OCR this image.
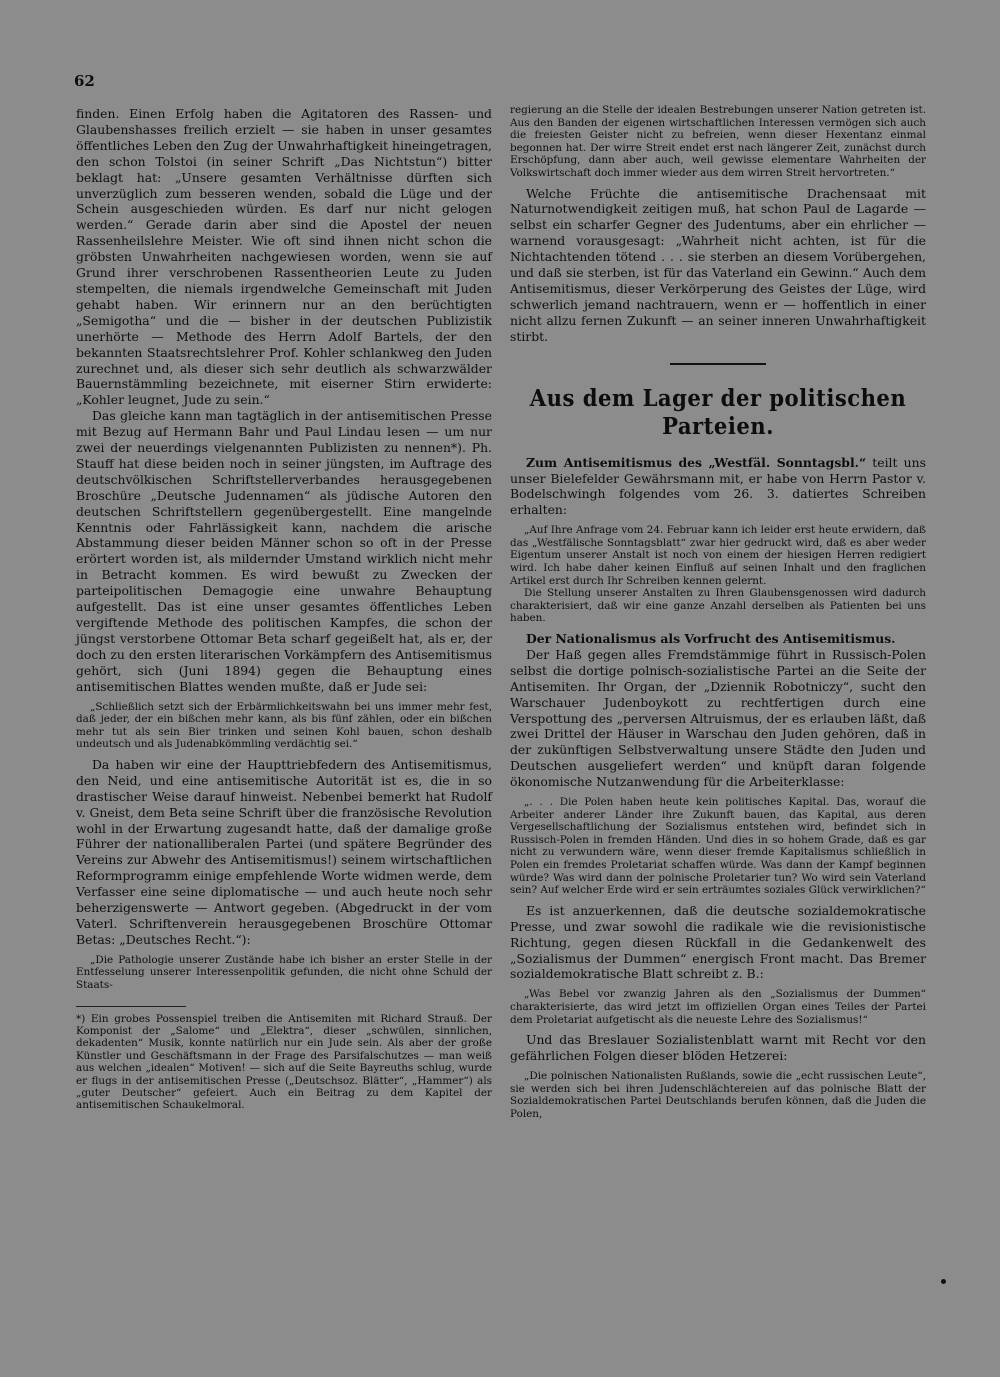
62

finden. Einen Erfolg haben die Agitatoren des Rassen- und Glaubenshasses freilich erzielt — sie haben in unser gesamtes öffentliches Leben den Zug der Unwahrhaftigkeit hineingetragen, den schon Tolstoi (in seiner Schrift „Das Nichtstun“) bitter beklagt hat: „Unsere gesamten Verhältnisse dürften sich unverzüglich zum besseren wenden, sobald die Lüge und der Schein ausgeschieden würden. Es darf nur nicht gelogen werden.“ Gerade darin aber sind die Apostel der neuen Rassenheilslehre Meister. Wie oft sind ihnen nicht schon die gröbsten Unwahrheiten nachgewiesen worden, wenn sie auf Grund ihrer verschrobenen Rassentheorien Leute zu Juden stempelten, die niemals irgendwelche Gemeinschaft mit Juden gehabt haben. Wir erinnern nur an den berüchtigten „Semigotha“ und die — bisher in der deutschen Publizistik unerhörte — Methode des Herrn Adolf Bartels, der den bekannten Staatsrechtslehrer Prof. Kohler schlankweg den Juden zurechnet und, als dieser sich sehr deutlich als schwarzwälder Bauernstämmling bezeichnete, mit eiserner Stirn erwiderte: „Kohler leugnet, Jude zu sein.“

Das gleiche kann man tagtäglich in der antisemitischen Presse mit Bezug auf Hermann Bahr und Paul Lindau lesen — um nur zwei der neuerdings vielgenannten Publizisten zu nennen*). Ph. Stauff hat diese beiden noch in seiner jüngsten, im Auftrage des deutschvölkischen Schriftstellerverbandes herausgegebenen Broschüre „Deutsche Judennamen“ als jüdische Autoren den deutschen Schriftstellern gegenübergestellt. Eine mangelnde Kenntnis oder Fahrlässigkeit kann, nachdem die arische Abstammung dieser beiden Männer schon so oft in der Presse erörtert worden ist, als mildernder Umstand wirklich nicht mehr in Betracht kommen. Es wird bewußt zu Zwecken der parteipolitischen Demagogie eine unwahre Behauptung aufgestellt. Das ist eine unser gesamtes öffentliches Leben vergiftende Methode des politischen Kampfes, die schon der jüngst verstorbene Ottomar Beta scharf gegeißelt hat, als er, der doch zu den ersten literarischen Vorkämpfern des Antisemitismus gehört, sich (Juni 1894) gegen die Behauptung eines antisemitischen Blattes wenden mußte, daß er Jude sei:

„Schließlich setzt sich der Erbärmlichkeitswahn bei uns immer mehr fest, daß jeder, der ein bißchen mehr kann, als bis fünf zählen, oder ein bißchen mehr tut als sein Bier trinken und seinen Kohl bauen, schon deshalb undeutsch und als Judenabkömmling verdächtig sei.“

Da haben wir eine der Haupttriebfedern des Antisemitismus, den Neid, und eine antisemitische Autorität ist es, die in so drastischer Weise darauf hinweist. Nebenbei bemerkt hat Rudolf v. Gneist, dem Beta seine Schrift über die französische Revolution wohl in der Erwartung zugesandt hatte, daß der damalige große Führer der nationalliberalen Partei (und spätere Begründer des Vereins zur Abwehr des Antisemitismus!) seinem wirtschaftlichen Reformprogramm einige empfehlende Worte widmen werde, dem Verfasser eine seine diplomatische — und auch heute noch sehr beherzigenswerte — Antwort gegeben. (Abgedruckt in der vom Vaterl. Schriftenverein herausgegebenen Broschüre Ottomar Betas: „Deutsches Recht.“):

„Die Pathologie unserer Zustände habe ich bisher an erster Stelle in der Entfesselung unserer Interessenpolitik gefunden, die nicht ohne Schuld der Staats-

*) Ein grobes Possenspiel treiben die Antisemiten mit Richard Strauß. Der Komponist der „Salome“ und „Elektra“, dieser „schwülen, sinnlichen, dekadenten“ Musik, konnte natürlich nur ein Jude sein. Als aber der große Künstler und Geschäftsmann in der Frage des Parsifalschutzes — man weiß aus welchen „idealen“ Motiven! — sich auf die Seite Bayreuths schlug, wurde er flugs in der antisemitischen Presse („Deutschsoz. Blätter“, „Hammer“) als „guter Deutscher“ gefeiert. Auch ein Beitrag zu dem Kapitel der antisemitischen Schaukelmoral.

regierung an die Stelle der idealen Bestrebungen unserer Nation getreten ist. Aus den Banden der eigenen wirtschaftlichen Interessen vermögen sich auch die freiesten Geister nicht zu befreien, wenn dieser Hexentanz einmal begonnen hat. Der wirre Streit endet erst nach längerer Zeit, zunächst durch Erschöpfung, dann aber auch, weil gewisse elementare Wahrheiten der Volkswirtschaft doch immer wieder aus dem wirren Streit hervortreten.“

Welche Früchte die antisemitische Drachensaat mit Naturnotwendigkeit zeitigen muß, hat schon Paul de Lagarde — selbst ein scharfer Gegner des Judentums, aber ein ehrlicher — warnend vorausgesagt: „Wahrheit nicht achten, ist für die Nichtachtenden tötend . . . sie sterben an diesem Vorübergehen, und daß sie sterben, ist für das Vaterland ein Gewinn.“ Auch dem Antisemitismus, dieser Verkörperung des Geistes der Lüge, wird schwerlich jemand nachtrauern, wenn er — hoffentlich in einer nicht allzu fernen Zukunft — an seiner inneren Unwahrhaftigkeit stirbt.

Aus dem Lager der politischen Parteien.

Zum Antisemitismus des „Westfäl. Sonntagsbl.“ teilt uns unser Bielefelder Gewährsmann mit, er habe von Herrn Pastor v. Bodelschwingh folgendes vom 26. 3. datiertes Schreiben erhalten:

„Auf Ihre Anfrage vom 24. Februar kann ich leider erst heute erwidern, daß das „Westfälische Sonntagsblatt“ zwar hier gedruckt wird, daß es aber weder Eigentum unserer Anstalt ist noch von einem der hiesigen Herren redigiert wird. Ich habe daher keinen Einfluß auf seinen Inhalt und den fraglichen Artikel erst durch Ihr Schreiben kennen gelernt.

Die Stellung unserer Anstalten zu Ihren Glaubensgenossen wird dadurch charakterisiert, daß wir eine ganze Anzahl derselben als Patienten bei uns haben.

Der Nationalismus als Vorfrucht des Antisemitismus.

Der Haß gegen alles Fremdstämmige führt in Russisch-Polen selbst die dortige polnisch-sozialistische Partei an die Seite der Antisemiten. Ihr Organ, der „Dziennik Robotniczy“, sucht den Warschauer Judenboykott zu rechtfertigen durch eine Verspottung des „perversen Altruismus, der es erlauben läßt, daß zwei Drittel der Häuser in Warschau den Juden gehören, daß in der zukünftigen Selbstverwaltung unsere Städte den Juden und Deutschen ausgeliefert werden“ und knüpft daran folgende ökonomische Nutzanwendung für die Arbeiterklasse:

„. . . Die Polen haben heute kein politisches Kapital. Das, worauf die Arbeiter anderer Länder ihre Zukunft bauen, das Kapital, aus deren Vergesellschaftlichung der Sozialismus entstehen wird, befindet sich in Russisch-Polen in fremden Händen. Und dies in so hohem Grade, daß es gar nicht zu verwundern wäre, wenn dieser fremde Kapitalismus schließlich in Polen ein fremdes Proletariat schaffen würde. Was dann der Kampf beginnen würde? Was wird dann der polnische Proletarier tun? Wo wird sein Vaterland sein? Auf welcher Erde wird er sein erträumtes soziales Glück verwirklichen?“

Es ist anzuerkennen, daß die deutsche sozialdemokratische Presse, und zwar sowohl die radikale wie die revisionistische Richtung, gegen diesen Rückfall in die Gedankenwelt des „Sozialismus der Dummen“ energisch Front macht. Das Bremer sozialdemokratische Blatt schreibt z. B.:

„Was Bebel vor zwanzig Jahren als den „Sozialismus der Dummen“ charakterisierte, das wird jetzt im offiziellen Organ eines Teiles der Partei dem Proletariat aufgetischt als die neueste Lehre des Sozialismus!“

Und das Breslauer Sozialistenblatt warnt mit Recht vor den gefährlichen Folgen dieser blöden Hetzerei:

„Die polnischen Nationalisten Rußlands, sowie die „echt russischen Leute“, sie werden sich bei ihren Judenschlächtereien auf das polnische Blatt der Sozialdemokratischen Partei Deutschlands berufen können, daß die Juden die Polen,
